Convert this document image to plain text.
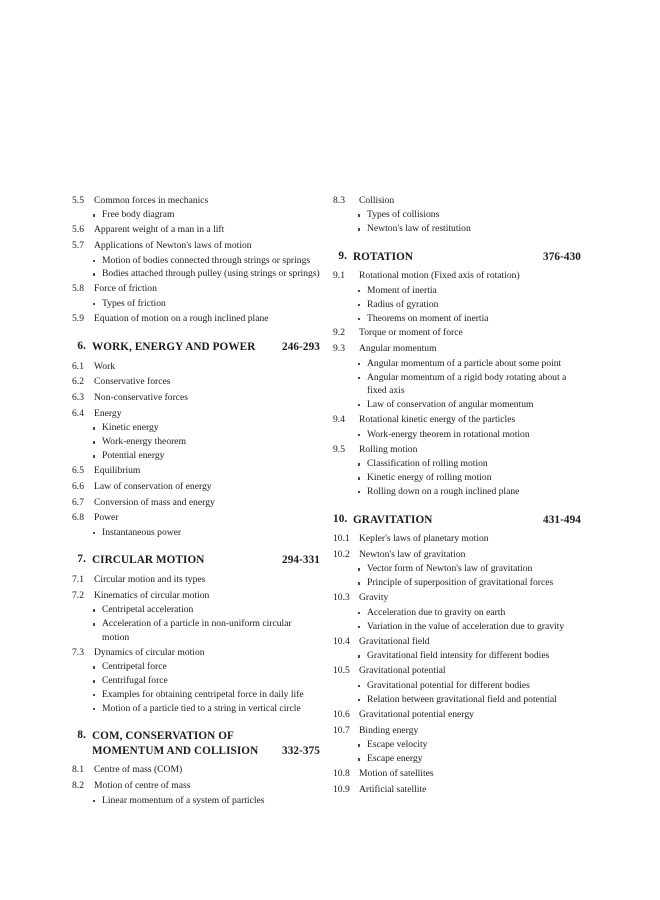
5.5	Common forces in mechanics
Free body diagram
5.6	Apparent weight of a man in a lift
5.7	Applications of Newton's laws of motion
Motion of bodies connected through strings or springs
Bodies attached through pulley (using strings or springs)
5.8	Force of friction
Types of friction
5.9	Equation of motion on a rough inclined plane
6. WORK, ENERGY AND POWER	246-293
6.1	Work
6.2	Conservative forces
6.3	Non-conservative forces
6.4	Energy
Kinetic energy
Work-energy theorem
Potential energy
6.5	Equilibrium
6.6	Law of conservation of energy
6.7	Conversion of mass and energy
6.8	Power
Instantaneous power
7. CIRCULAR MOTION	294-331
7.1	Circular motion and its types
7.2	Kinematics of circular motion
Centripetal acceleration
Acceleration of a particle in non-uniform circular motion
7.3	Dynamics of circular motion
Centripetal force
Centrifugal force
Examples for obtaining centripetal force in daily life
Motion of a particle tied to a string in vertical circle
8. COM, CONSERVATION OF
MOMENTUM AND COLLISION	332-375
8.1	Centre of mass (COM)
8.2	Motion of centre of mass
Linear momentum of a system of particles
8.3	Collision
Types of collisions
Newton's law of restitution
9. ROTATION	376-430
9.1	Rotational motion (Fixed axis of rotation)
Moment of inertia
Radius of gyration
Theorems on moment of inertia
9.2	Torque or moment of force
9.3	Angular momentum
Angular momentum of a particle about some point
Angular momentum of a rigid body rotating about a fixed axis
Law of conservation of angular momentum
9.4	Rotational kinetic energy of the particles
Work-energy theorem in rotational motion
9.5	Rolling motion
Classification of rolling motion
Kinetic energy of rolling motion
Rolling down on a rough inclined plane
10. GRAVITATION	431-494
10.1 Kepler's laws of planetary motion
10.2 Newton's law of gravitation
Vector form of Newton's law of gravitation
Principle of superposition of gravitational forces
10.3 Gravity
Acceleration due to gravity on earth
Variation in the value of acceleration due to gravity
10.4 Gravitational field
Gravitational field intensity for different bodies
10.5 Gravitational potential
Gravitational potential for different bodies
Relation between gravitational field and potential
10.6 Gravitational potential energy
10.7 Binding energy
Escape velocity
Escape energy
10.8 Motion of satellites
10.9 Artificial satellite
